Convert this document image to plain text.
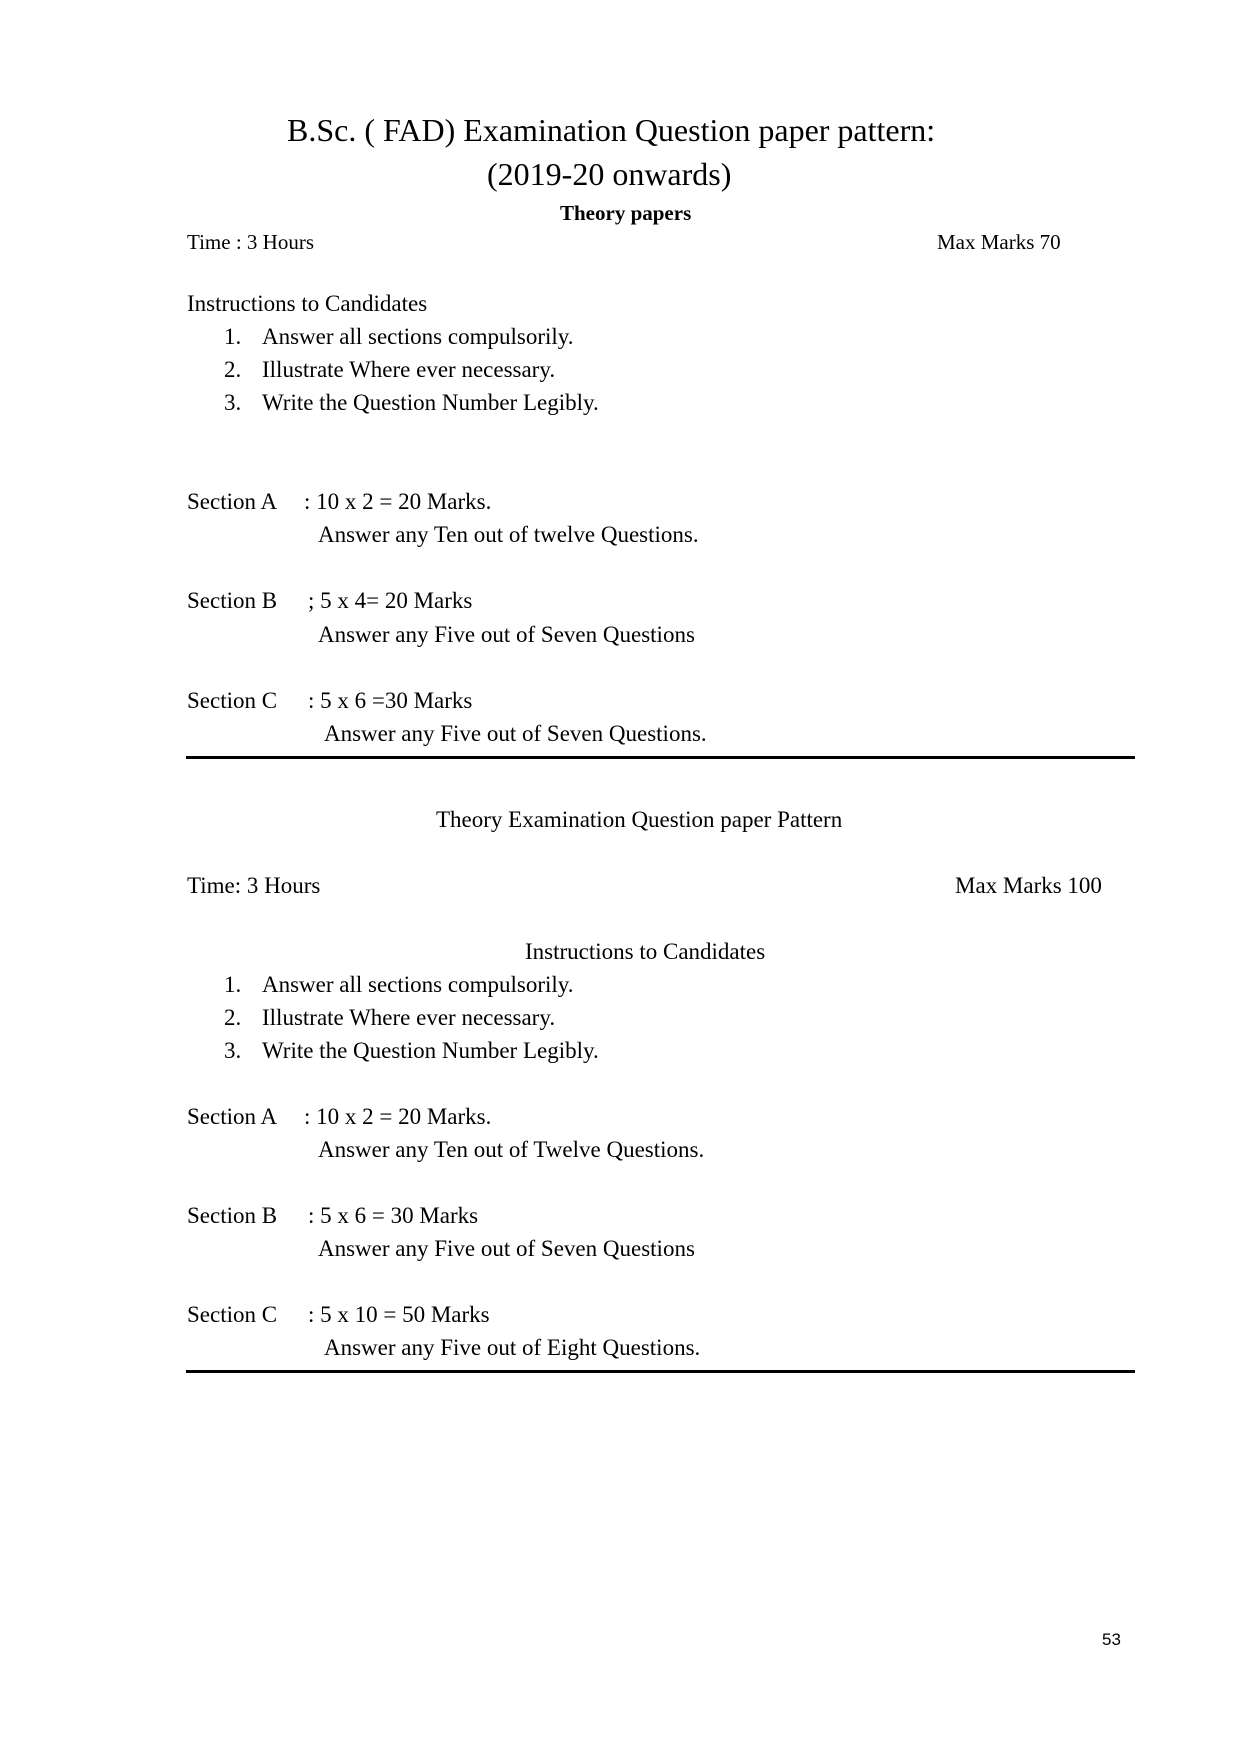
B.Sc. ( FAD) Examination Question paper pattern:
(2019-20 onwards)
Theory papers
Time : 3 Hours	Max Marks 70
Instructions to Candidates
1. Answer all sections compulsorily.
2. Illustrate Where ever necessary.
3. Write the Question Number Legibly.
Section A : 10 x 2 = 20 Marks.
Answer any Ten out of twelve Questions.
Section B ; 5 x 4= 20 Marks
Answer any Five out of Seven Questions
Section C : 5 x 6 =30 Marks
Answer any Five out of Seven Questions.
Theory Examination Question paper Pattern
Time: 3 Hours	Max Marks 100
Instructions to Candidates
1. Answer all sections compulsorily.
2. Illustrate Where ever necessary.
3. Write the Question Number Legibly.
Section A : 10 x 2 = 20 Marks.
Answer any Ten out of Twelve Questions.
Section B : 5 x 6 = 30 Marks
Answer any Five out of Seven Questions
Section C : 5 x 10 = 50 Marks
Answer any Five out of Eight Questions.
53
